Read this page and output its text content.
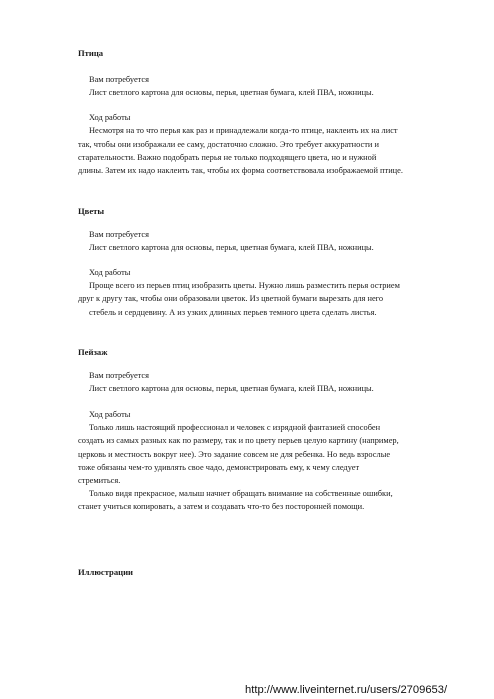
Птица
Вам потребуется
Лист светлого картона для основы, перья, цветная бумага, клей ПВА, ножницы.
Ход работы
Несмотря на то что перья как раз и принадлежали когда-то птице, наклеить их на лист
так, чтобы они изображали ее саму, достаточно сложно. Это требует аккуратности и
старательности. Важно подобрать перья не только подходящего цвета, но и нужной
длины. Затем их надо наклеить так, чтобы их форма соответствовала изображаемой птице.
Цветы
Вам потребуется
Лист светлого картона для основы, перья, цветная бумага, клей ПВА, ножницы.
Ход работы
Проще всего из перьев птиц изобразить цветы. Нужно лишь разместить перья острием
друг к другу так, чтобы они образовали цветок. Из цветной бумаги вырезать для него
стебель и сердцевину. А из узких длинных перьев темного цвета сделать листья.
Пейзаж
Вам потребуется
Лист светлого картона для основы, перья, цветная бумага, клей ПВА, ножницы.
Ход работы
Только лишь настоящий профессионал и человек с изрядной фантазией способен
создать из самых разных как по размеру, так и по цвету перьев целую картину (например,
церковь и местность вокруг нее). Это задание совсем не для ребенка. Но ведь взрослые
тоже обязаны чем-то удивлять свое чадо, демонстрировать ему, к чему следует
стремиться.
Только видя прекрасное, малыш начнет обращать внимание на собственные ошибки,
станет учиться копировать, а затем и создавать что-то без посторонней помощи.
Иллюстрации
http://www.liveinternet.ru/users/2709653/
